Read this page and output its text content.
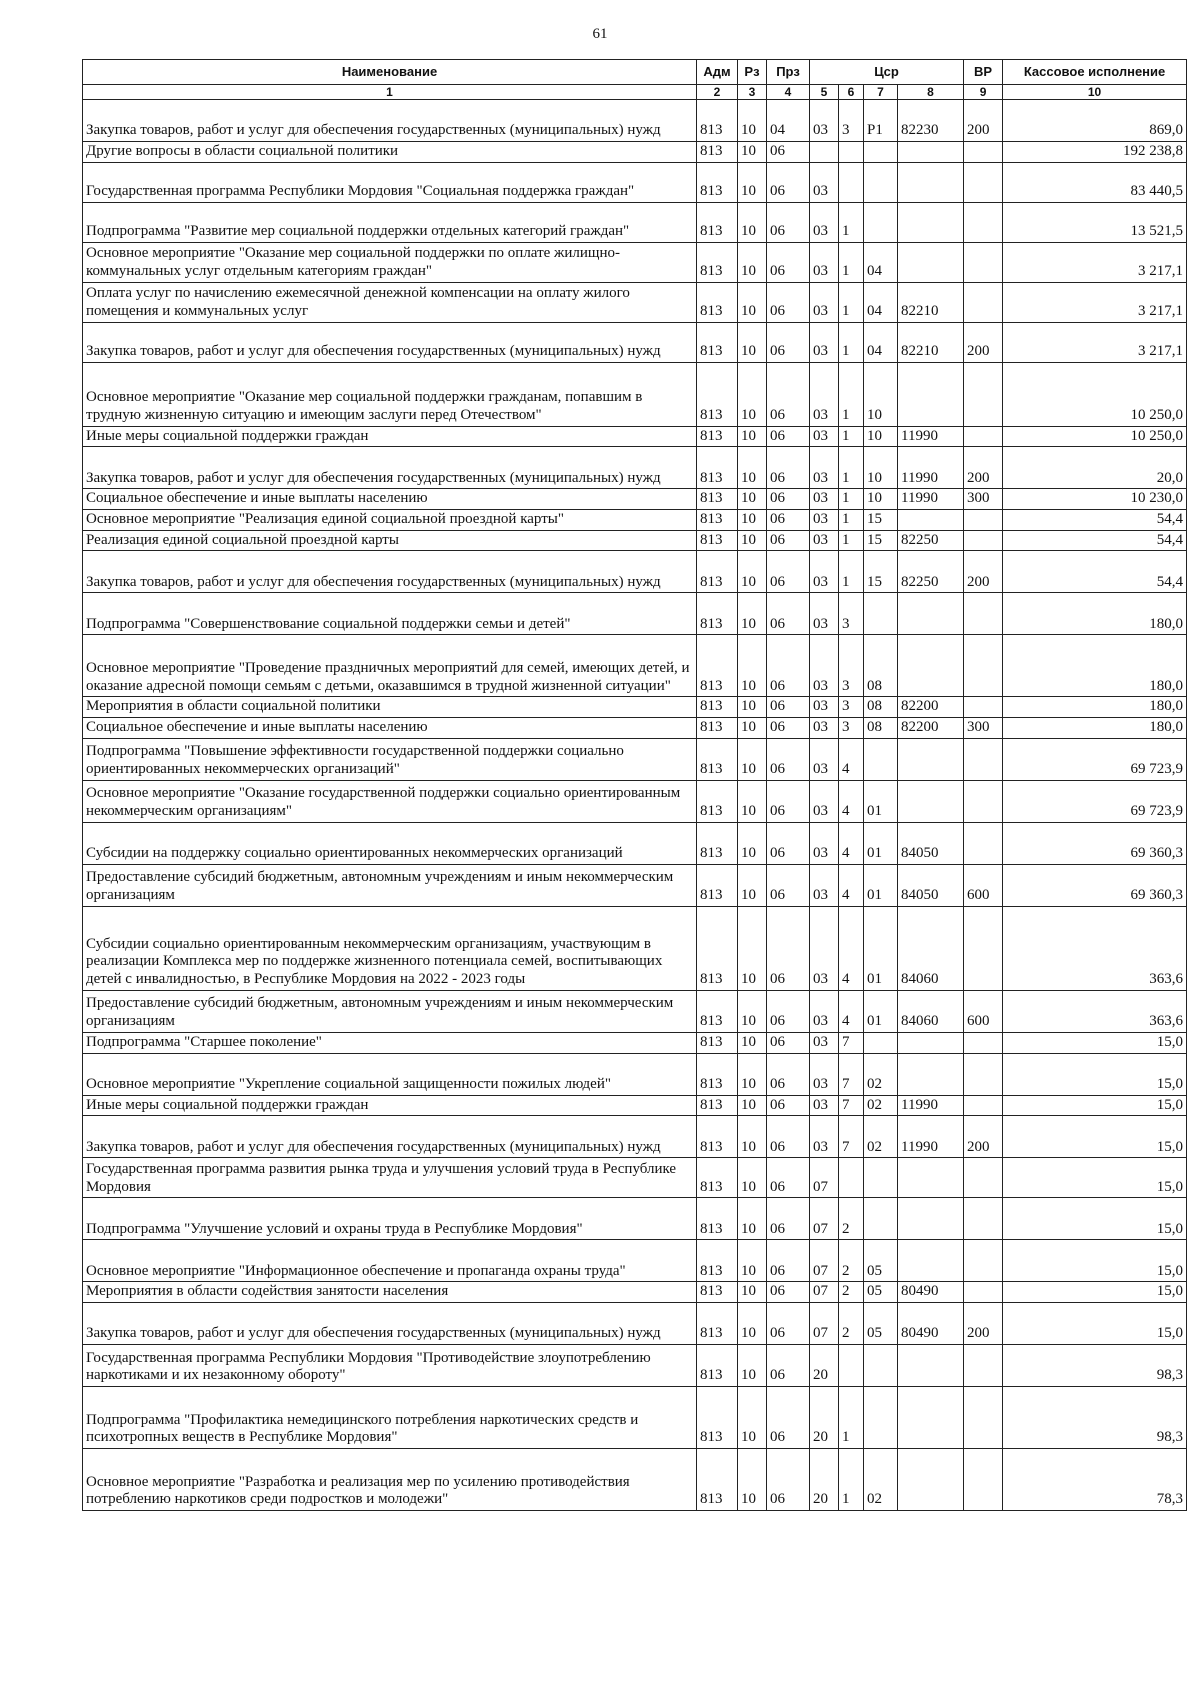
61
Наименование	Адм	Рз	Прз	Цср				ВР	Кассовое исполнение
1	2	3	4	5	6	7	8	9	10
Закупка товаров, работ и услуг для обеспечения государственных (муниципальных) нужд	813	10	04	03	3	P1	82230	200	869,0
Другие вопросы в области социальной политики	813	10	06						192 238,8
Государственная программа Республики Мордовия "Социальная поддержка граждан"	813	10	06	03					83 440,5
Подпрограмма "Развитие мер социальной поддержки отдельных категорий граждан"	813	10	06	03	1				13 521,5
Основное мероприятие "Оказание мер социальной поддержки по оплате жилищно-коммунальных услуг отдельным категориям граждан"	813	10	06	03	1	04			3 217,1
Оплата услуг по начислению ежемесячной денежной компенсации на оплату жилого помещения и коммунальных услуг	813	10	06	03	1	04	82210		3 217,1
Закупка товаров, работ и услуг для обеспечения государственных (муниципальных) нужд	813	10	06	03	1	04	82210	200	3 217,1
Основное мероприятие "Оказание мер социальной поддержки гражданам, попавшим в трудную жизненную ситуацию и имеющим заслуги перед Отечеством"	813	10	06	03	1	10			10 250,0
Иные меры социальной поддержки граждан	813	10	06	03	1	10	11990		10 250,0
Закупка товаров, работ и услуг для обеспечения государственных (муниципальных) нужд	813	10	06	03	1	10	11990	200	20,0
Социальное обеспечение и иные выплаты населению	813	10	06	03	1	10	11990	300	10 230,0
Основное мероприятие "Реализация единой социальной проездной карты"	813	10	06	03	1	15			54,4
Реализация единой социальной проездной карты	813	10	06	03	1	15	82250		54,4
Закупка товаров, работ и услуг для обеспечения государственных (муниципальных) нужд	813	10	06	03	1	15	82250	200	54,4
Подпрограмма "Совершенствование социальной поддержки семьи и детей"	813	10	06	03	3				180,0
Основное мероприятие "Проведение праздничных мероприятий для семей, имеющих детей, и оказание адресной помощи семьям с детьми, оказавшимся в трудной жизненной ситуации"	813	10	06	03	3	08			180,0
Мероприятия в области социальной политики	813	10	06	03	3	08	82200		180,0
Социальное обеспечение и иные выплаты населению	813	10	06	03	3	08	82200	300	180,0
Подпрограмма "Повышение эффективности государственной поддержки социально ориентированных некоммерческих организаций"	813	10	06	03	4				69 723,9
Основное мероприятие "Оказание государственной поддержки социально ориентированным некоммерческим организациям"	813	10	06	03	4	01			69 723,9
Субсидии на поддержку социально ориентированных некоммерческих организаций	813	10	06	03	4	01	84050		69 360,3
Предоставление субсидий бюджетным, автономным учреждениям и иным некоммерческим организациям	813	10	06	03	4	01	84050	600	69 360,3
Субсидии социально ориентированным некоммерческим организациям, участвующим в реализации Комплекса мер по поддержке жизненного потенциала семей, воспитывающих детей с инвалидностью, в Республике Мордовия на 2022 - 2023 годы	813	10	06	03	4	01	84060		363,6
Предоставление субсидий бюджетным, автономным учреждениям и иным некоммерческим организациям	813	10	06	03	4	01	84060	600	363,6
Подпрограмма "Старшее поколение"	813	10	06	03	7				15,0
Основное мероприятие "Укрепление социальной защищенности пожилых людей"	813	10	06	03	7	02			15,0
Иные меры социальной поддержки граждан	813	10	06	03	7	02	11990		15,0
Закупка товаров, работ и услуг для обеспечения государственных (муниципальных) нужд	813	10	06	03	7	02	11990	200	15,0
Государственная программа развития рынка труда и улучшения условий труда в Республике Мордовия	813	10	06	07					15,0
Подпрограмма "Улучшение условий и охраны труда в Республике Мордовия"	813	10	06	07	2				15,0
Основное мероприятие "Информационное обеспечение и пропаганда охраны труда"	813	10	06	07	2	05			15,0
Мероприятия в области содействия занятости населения	813	10	06	07	2	05	80490		15,0
Закупка товаров, работ и услуг для обеспечения государственных (муниципальных) нужд	813	10	06	07	2	05	80490	200	15,0
Государственная программа Республики Мордовия "Противодействие злоупотреблению наркотиками и их незаконному обороту"	813	10	06	20					98,3
Подпрограмма "Профилактика немедицинского потребления наркотических средств и психотропных веществ в Республике Мордовия"	813	10	06	20	1				98,3
Основное мероприятие "Разработка и реализация мер по усилению противодействия потреблению наркотиков среди подростков и молодежи"	813	10	06	20	1	02			78,3
